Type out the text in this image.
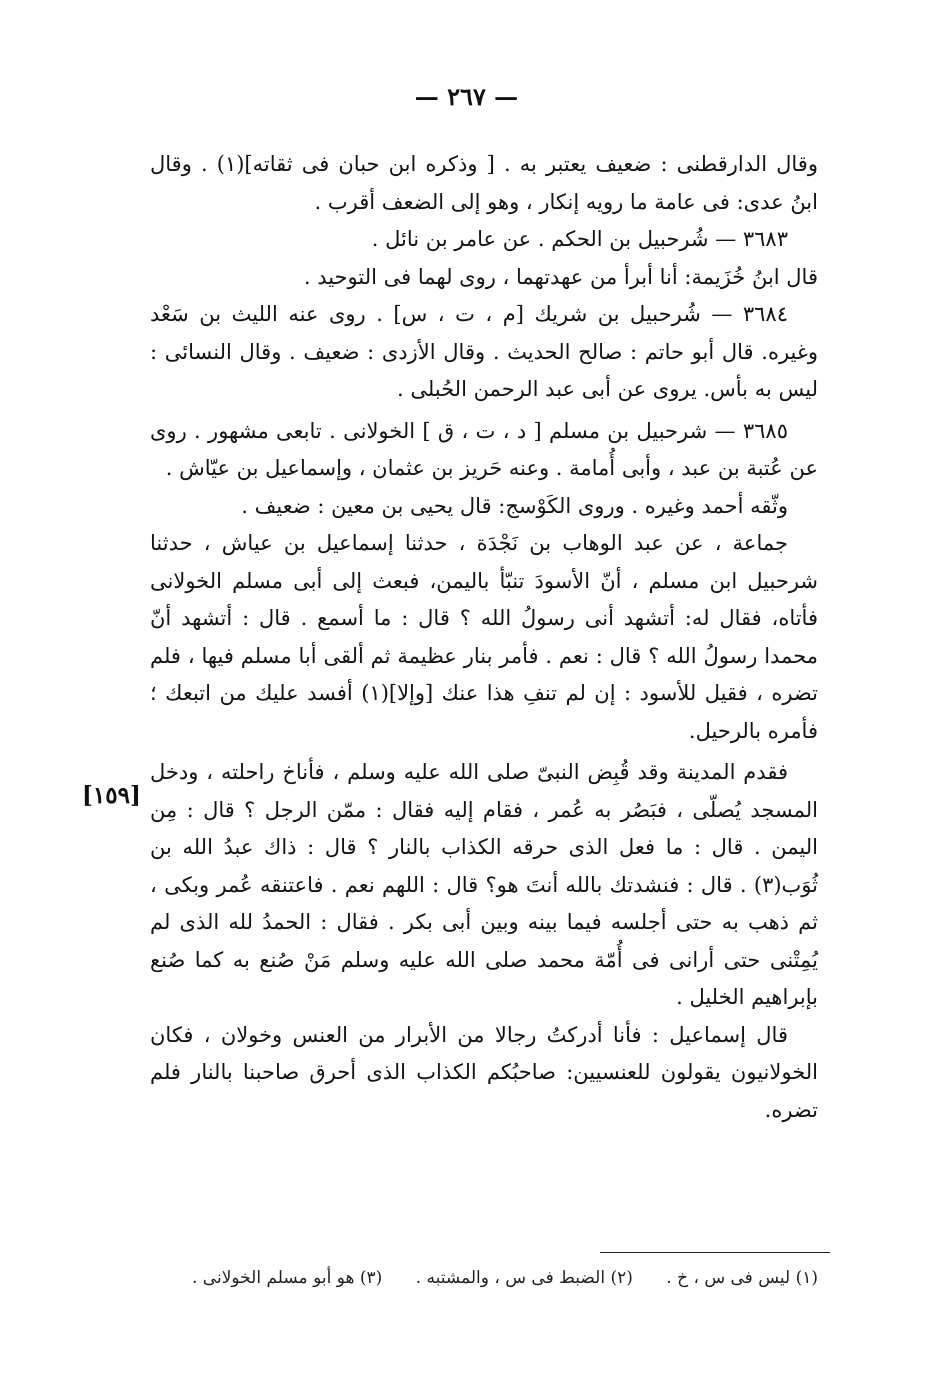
— ٢٦٧ —
[١٥٩]

وقال الدارقطنى : ضعيف يعتبر به . [ وذكره ابن حبان فى ثقاته](١) . وقال ابنُ عدى: فى عامة ما رويه إنكار ، وهو إلى الضعف أقرب .

٣٦٨٣ — شُرحبيل بن الحكم . عن عامر بن نائل .

قال ابنُ خُزَيمة: أنا أبرأ من عهدتهما ، روى لهما فى التوحيد .

٣٦٨٤ — شُرحبيل بن شريك [م ، ت ، س] . روى عنه الليث بن سَعْد وغيره. قال أبو حاتم : صالح الحديث . وقال الأزدى : ضعيف . وقال النسائى : ليس به بأس. يروى عن أبى عبد الرحمن الحُبلى .

٣٦٨٥ — شرحبيل بن مسلم [ د ، ت ، ق ] الخولانى . تابعى مشهور . روى عن عُتبة بن عبد ، وأبى أُمامة . وعنه حَريز بن عثمان ، وإسماعيل بن عيّاش .

وثّقه أحمد وغيره . وروى الكَوْسج: قال يحيى بن معين : ضعيف .

جماعة ، عن عبد الوهاب بن نَجْدَة ، حدثنا إسماعيل بن عياش ، حدثنا شرحبيل ابن مسلم ، أنّ الأسودَ تنبّأ باليمن، فبعث إلى أبى مسلم الخولانى فأتاه، فقال له: أتشهد أنى رسولُ الله ؟ قال : ما أسمع . قال : أتشهد أنّ محمدا رسولُ الله ؟ قال : نعم . فأمر بنار عظيمة ثم ألقى أبا مسلم فيها ، فلم تضره ، فقيل للأسود : إن لم تنفِ هذا عنك [وإلا](١) أفسد عليك من اتبعك ؛ فأمره بالرحيل.

فقدم المدينة وقد قُبِض النبىّ صلى الله عليه وسلم ، فأناخ راحلته ، ودخل المسجد يُصلّى ، فبَصُر به عُمر ، فقام إليه فقال : ممّن الرجل ؟ قال : مِن اليمن . قال : ما فعل الذى حرقه الكذاب بالنار ؟ قال : ذاك عبدُ الله بن ثُوَب(٣) . قال : فنشدتك بالله أنتَ هو؟ قال : اللهم نعم . فاعتنقه عُمر وبكى ، ثم ذهب به حتى أجلسه فيما بينه وبين أبى بكر . فقال : الحمدُ لله الذى لم يُمِتْنى حتى أرانى فى أُمّة محمد صلى الله عليه وسلم مَنْ صُنع به كما صُنع بإبراهيم الخليل .

قال إسماعيل : فأنا أدركتُ رجالا من الأبرار من العنس وخولان ، فكان الخولانيون يقولون للعنسيين: صاحبُكم الكذاب الذى أحرق صاحبنا بالنار فلم تضره.

(١) ليس فى س ، خ . (٢) الضبط فى س ، والمشتبه . (٣) هو أبو مسلم الخولانى .
